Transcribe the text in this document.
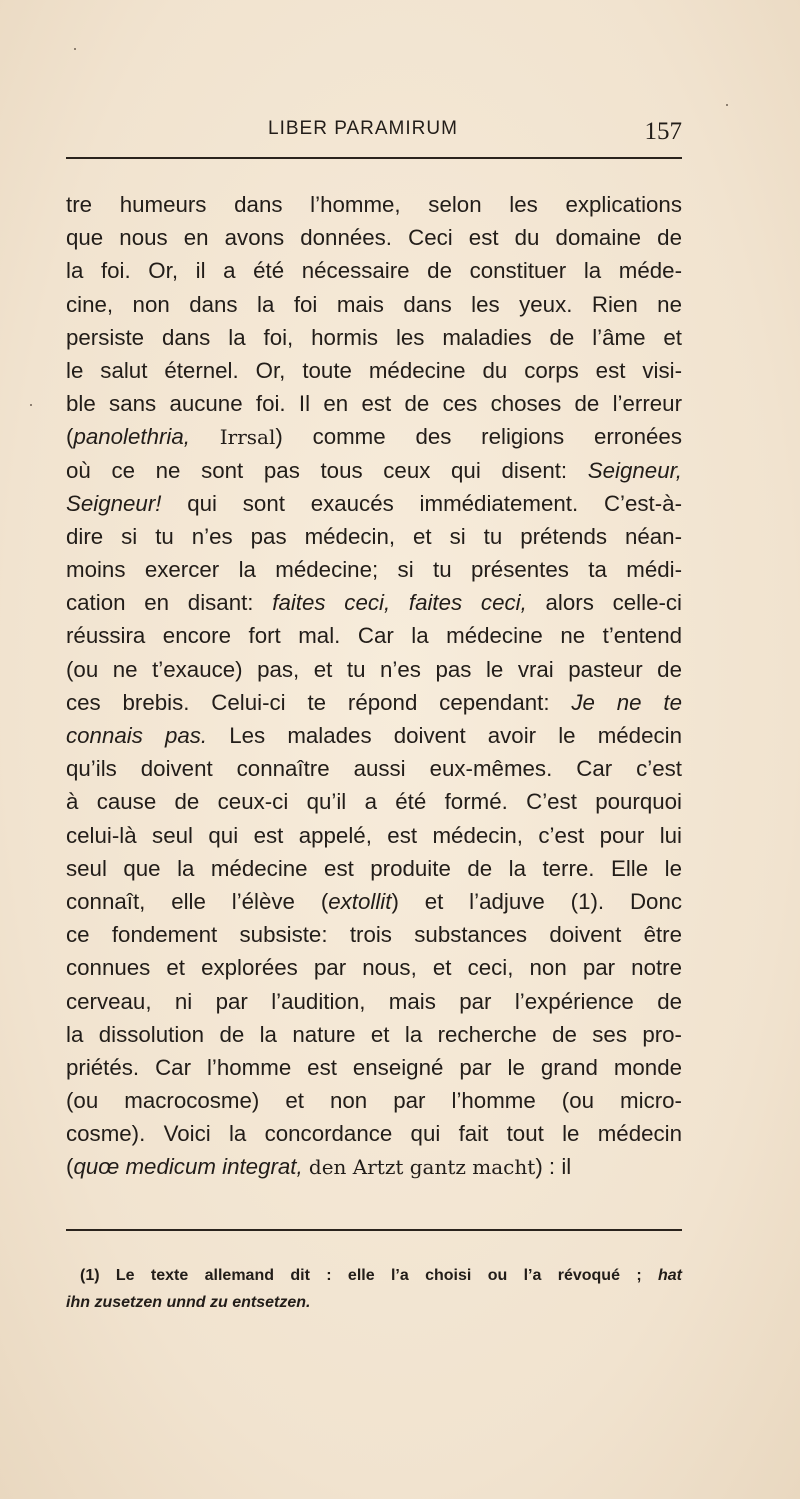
LIBER PARAMIRUM	157
tre humeurs dans l’homme, selon les explications
que nous en avons données. Ceci est du domaine de
la foi. Or, il a été nécessaire de constituer la méde-
cine, non dans la foi mais dans les yeux. Rien ne
persiste dans la foi, hormis les maladies de l’âme et
le salut éternel. Or, toute médecine du corps est visi-
ble sans aucune foi. Il en est de ces choses de l’erreur
(panolethria, Irrsal) comme des religions erronées
où ce ne sont pas tous ceux qui disent: Seigneur,
Seigneur! qui sont exaucés immédiatement. C’est-à-
dire si tu n’es pas médecin, et si tu prétends néan-
moins exercer la médecine; si tu présentes ta médi-
cation en disant: faites ceci, faites ceci, alors celle-ci
réussira encore fort mal. Car la médecine ne t’entend
(ou ne t’exauce) pas, et tu n’es pas le vrai pasteur de
ces brebis. Celui-ci te répond cependant: Je ne te
connais pas. Les malades doivent avoir le médecin
qu’ils doivent connaître aussi eux-mêmes. Car c’est
à cause de ceux-ci qu’il a été formé. C’est pourquoi
celui-là seul qui est appelé, est médecin, c’est pour lui
seul que la médecine est produite de la terre. Elle le
connaît, elle l’élève (extollit) et l’adjuve (1). Donc
ce fondement subsiste: trois substances doivent être
connues et explorées par nous, et ceci, non par notre
cerveau, ni par l’audition, mais par l’expérience de
la dissolution de la nature et la recherche de ses pro-
priétés. Car l’homme est enseigné par le grand monde
(ou macrocosme) et non par l’homme (ou micro-
cosme). Voici la concordance qui fait tout le médecin
(quœ medicum integrat, den Artzt gantz macht) : il
(1) Le texte allemand dit : elle l’a choisi ou l’a révoqué ; hat
ihn zusetzen unnd zu entsetzen.
